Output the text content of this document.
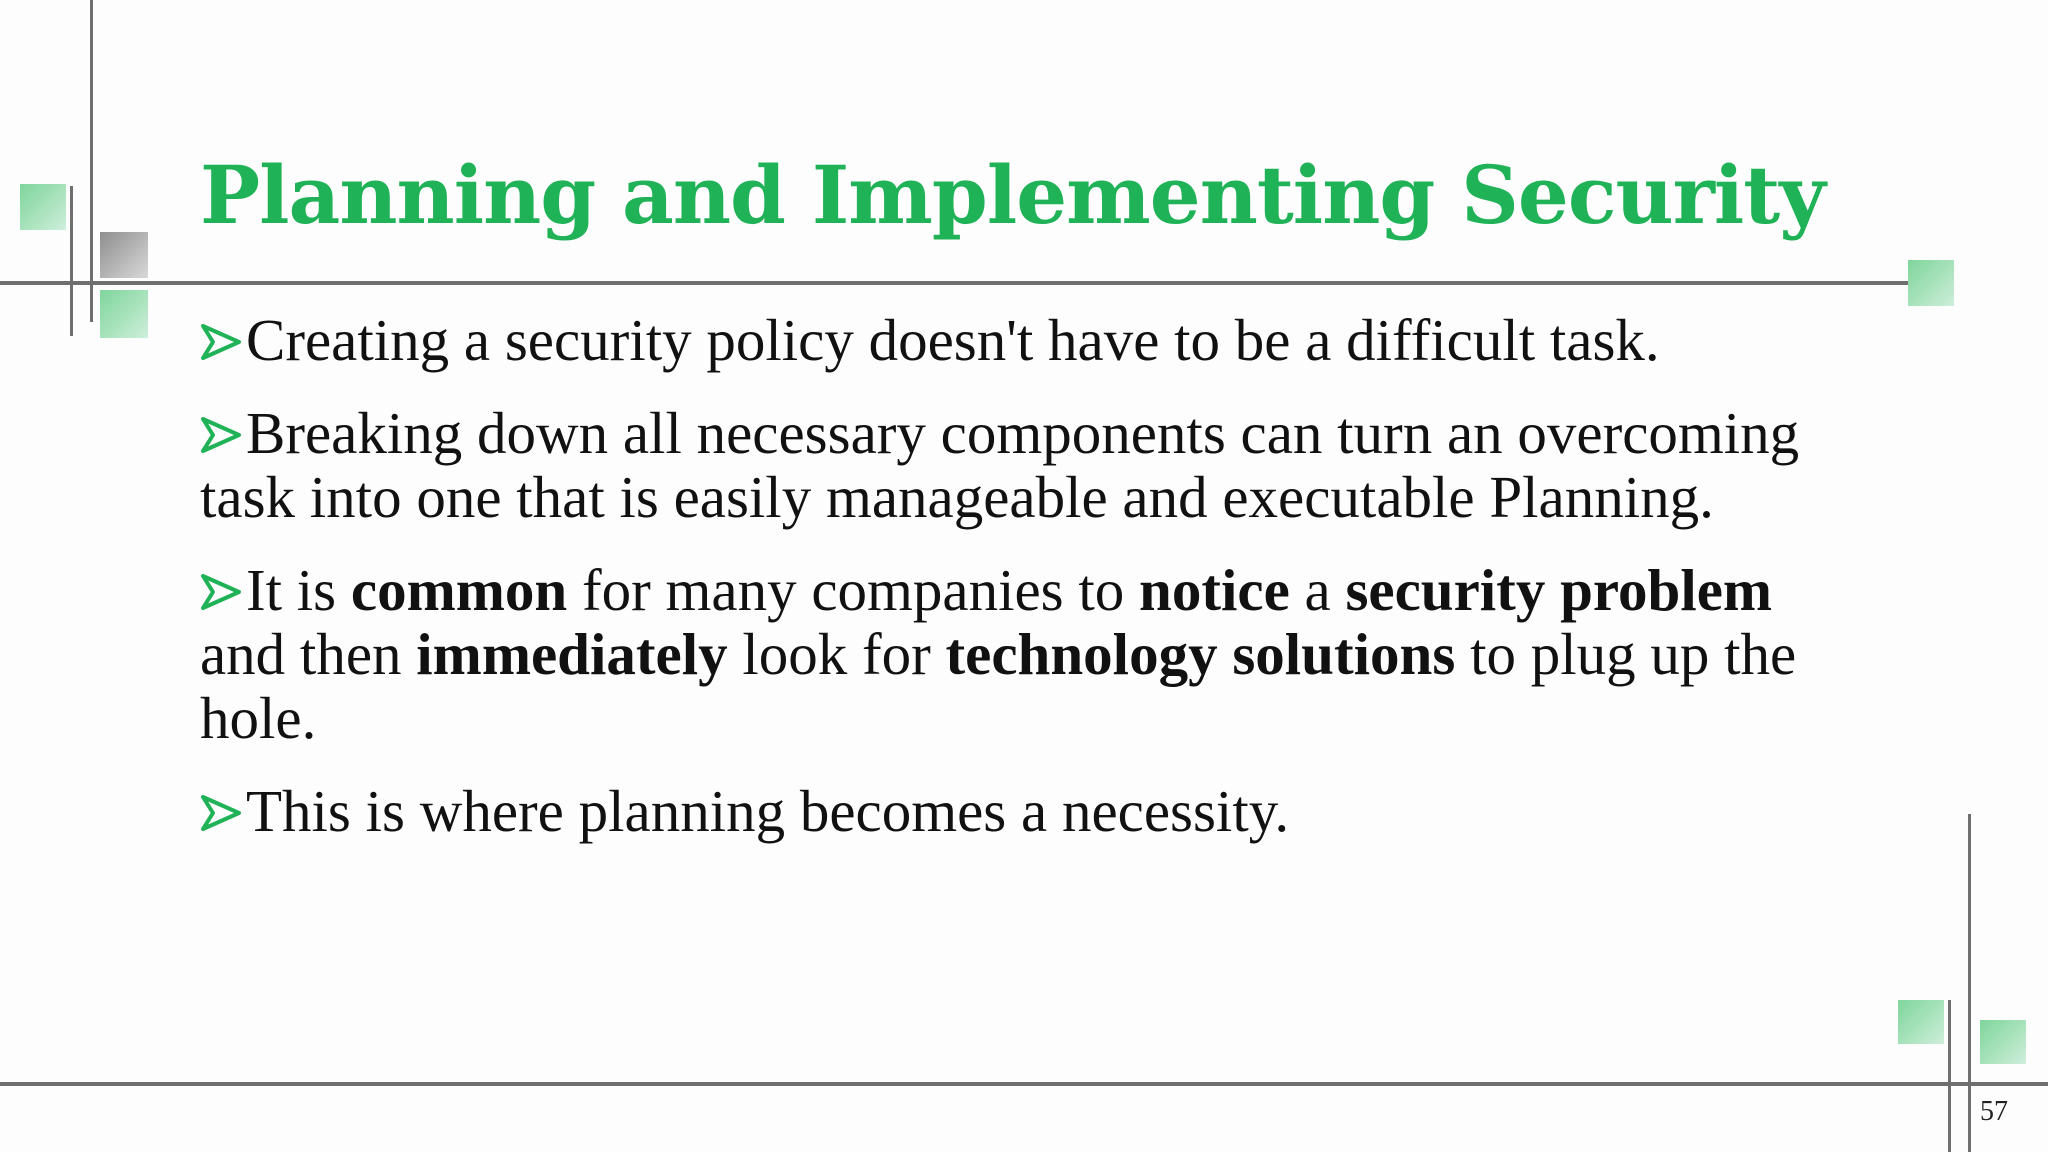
Planning and Implementing Security
Creating a security policy doesn't have to be a difficult task.
Breaking down all necessary components can turn an overcoming task into one that is easily manageable and executable Planning.
It is common for many companies to notice a security problem and then immediately look for technology solutions to plug up the hole.
This is where planning becomes a necessity.
57
